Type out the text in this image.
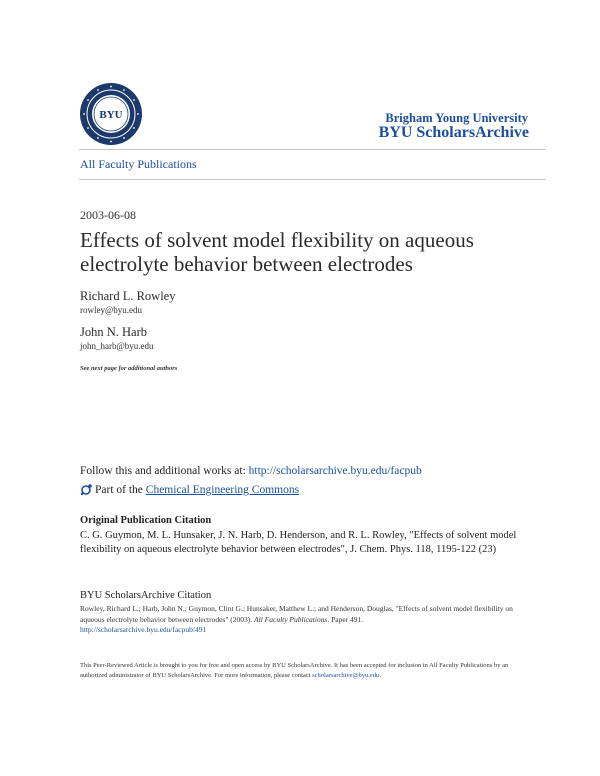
BYU	Brigham Young University
BYU ScholarsArchive
All Faculty Publications
2003-06-08
Effects of solvent model flexibility on aqueous electrolyte behavior between electrodes
Richard L. Rowley
rowley@byu.edu
John N. Harb
john_harb@byu.edu
See next page for additional authors
Follow this and additional works at: http://scholarsarchive.byu.edu/facpub
Part of the
Chemical Engineering Commons
Original Publication Citation
C. G. Guymon, M. L. Hunsaker, J. N. Harb, D. Henderson, and R. L. Rowley, "Effects of solvent model flexibility on aqueous electrolyte behavior between electrodes", J. Chem. Phys. 118, 1195-122 (23)
BYU ScholarsArchive Citation
Rowley, Richard L.; Harb, John N.; Guymon, Clint G.; Hunsaker, Matthew L.; and Henderson, Douglas, "Effects of solvent model flexibility on aqueous electrolyte behavior between electrodes" (2003). All Faculty Publications. Paper 491.
http://scholarsarchive.byu.edu/facpub/491
This Peer-Reviewed Article is brought to you for free and open access by BYU ScholarsArchive. It has been accepted for inclusion in All Faculty Publications by an authorized administrator of BYU ScholarsArchive. For more information, please contact scholarsarchive@byu.edu.
